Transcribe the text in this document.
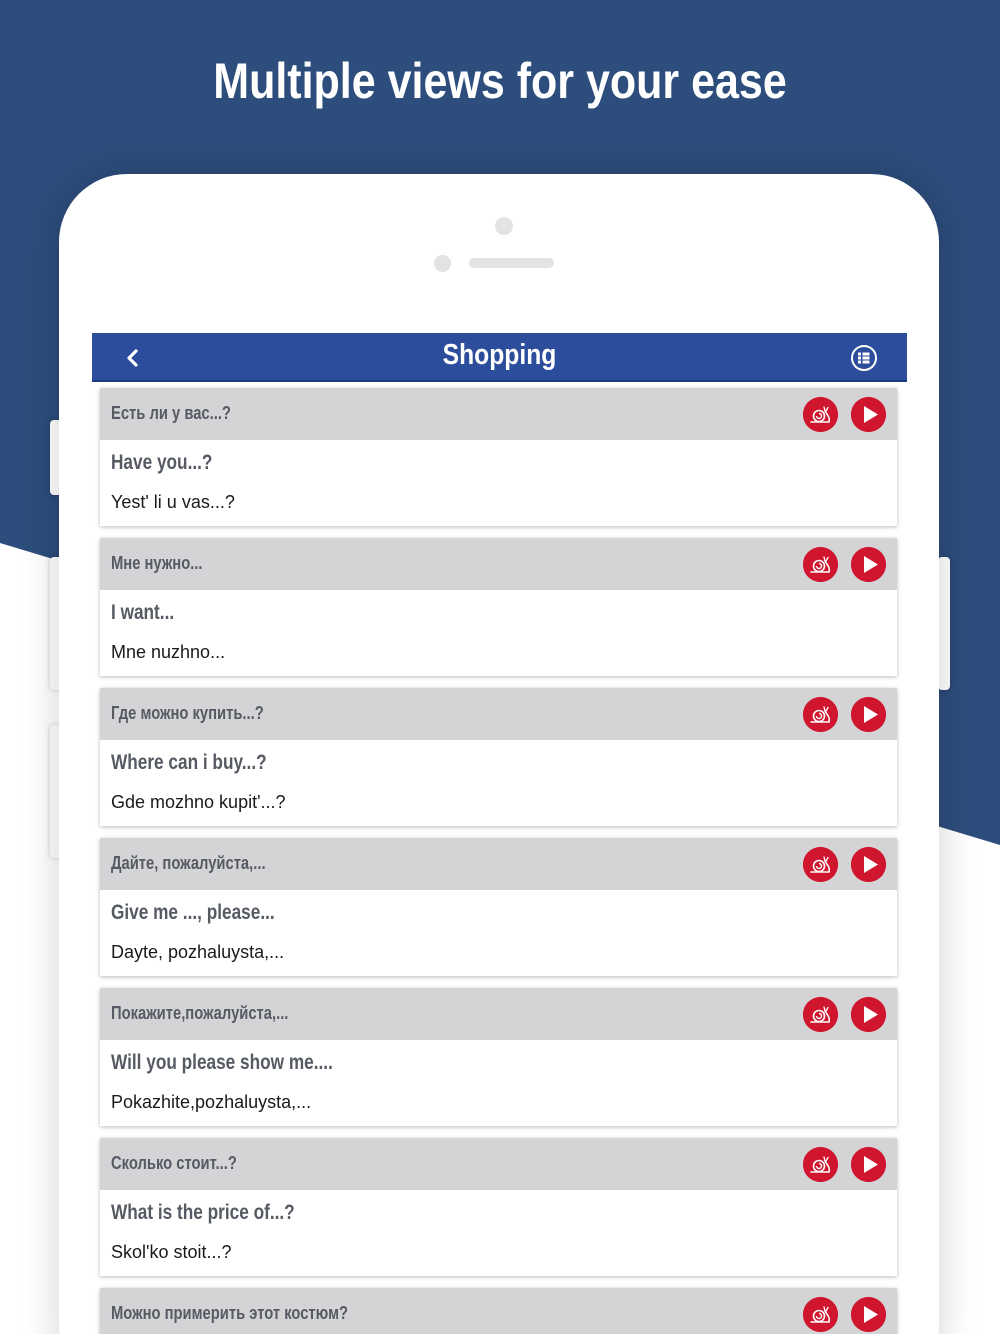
Multiple views for your ease
Shopping
Есть ли у вас...?
Have you...?
Yest' li u vas...?
Мне нужно...
I want...
Mne nuzhno...
Где можно купить...?
Where can i buy...?
Gde mozhno kupit'...?
Дайте, пожалуйста,...
Give me ..., please...
Dayte, pozhaluysta,...
Покажите,пожалуйста,...
Will you please show me....
Pokazhite,pozhaluysta,...
Сколько стоит...?
What is the price of...?
Skol'ko stoit...?
Можно примерить этот костюм?
